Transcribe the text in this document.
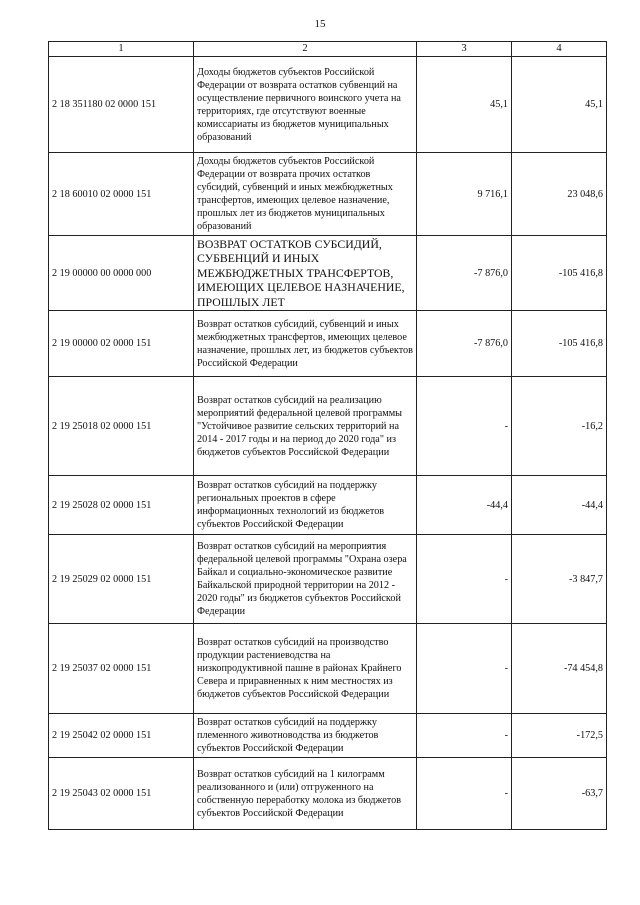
15
1	2	3	4
2 18 351180 02 0000 151	Доходы бюджетов субъектов Российской Федерации от возврата остатков субвенций на осуществление первичного воинского учета на территориях, где отсутствуют военные комиссариаты из бюджетов муниципальных образований	45,1	45,1
2 18 60010 02 0000 151	Доходы бюджетов субъектов Российской Федерации от возврата прочих остатков субсидий, субвенций и иных межбюджетных трансфертов, имеющих целевое назначение, прошлых лет из бюджетов муниципальных образований	9 716,1	23 048,6
2 19 00000 00 0000 000	ВОЗВРАТ ОСТАТКОВ СУБСИДИЙ, СУБВЕНЦИЙ И ИНЫХ МЕЖБЮДЖЕТНЫХ ТРАНСФЕРТОВ, ИМЕЮЩИХ ЦЕЛЕВОЕ НАЗНАЧЕНИЕ, ПРОШЛЫХ ЛЕТ	-7 876,0	-105 416,8
2 19 00000 02 0000 151	Возврат остатков субсидий, субвенций и иных межбюджетных трансфертов, имеющих целевое назначение, прошлых лет, из бюджетов субъектов Российской Федерации	-7 876,0	-105 416,8
2 19 25018 02 0000 151	Возврат остатков субсидий на реализацию мероприятий федеральной целевой программы "Устойчивое развитие сельских территорий на 2014 - 2017 годы и на период до 2020 года" из бюджетов субъектов Российской Федерации	-	-16,2
2 19 25028 02 0000 151	Возврат остатков субсидий на поддержку региональных проектов в сфере информационных технологий из бюджетов субъектов Российской Федерации	-44,4	-44,4
2 19 25029 02 0000 151	Возврат остатков субсидий на мероприятия федеральной целевой программы "Охрана озера Байкал и социально-экономическое развитие Байкальской природной территории на 2012 - 2020 годы" из бюджетов субъектов Российской Федерации	-	-3 847,7
2 19 25037 02 0000 151	Возврат остатков субсидий на производство продукции растениеводства на низкопродуктивной пашне в районах Крайнего Севера и приравненных к ним местностях из бюджетов субъектов Российской Федерации	-	-74 454,8
2 19 25042 02 0000 151	Возврат остатков субсидий на поддержку племенного животноводства из бюджетов субъектов Российской Федерации	-	-172,5
2 19 25043 02 0000 151	Возврат остатков субсидий на 1 килограмм реализованного и (или) отгруженного на собственную переработку молока из бюджетов субъектов Российской Федерации	-	-63,7
